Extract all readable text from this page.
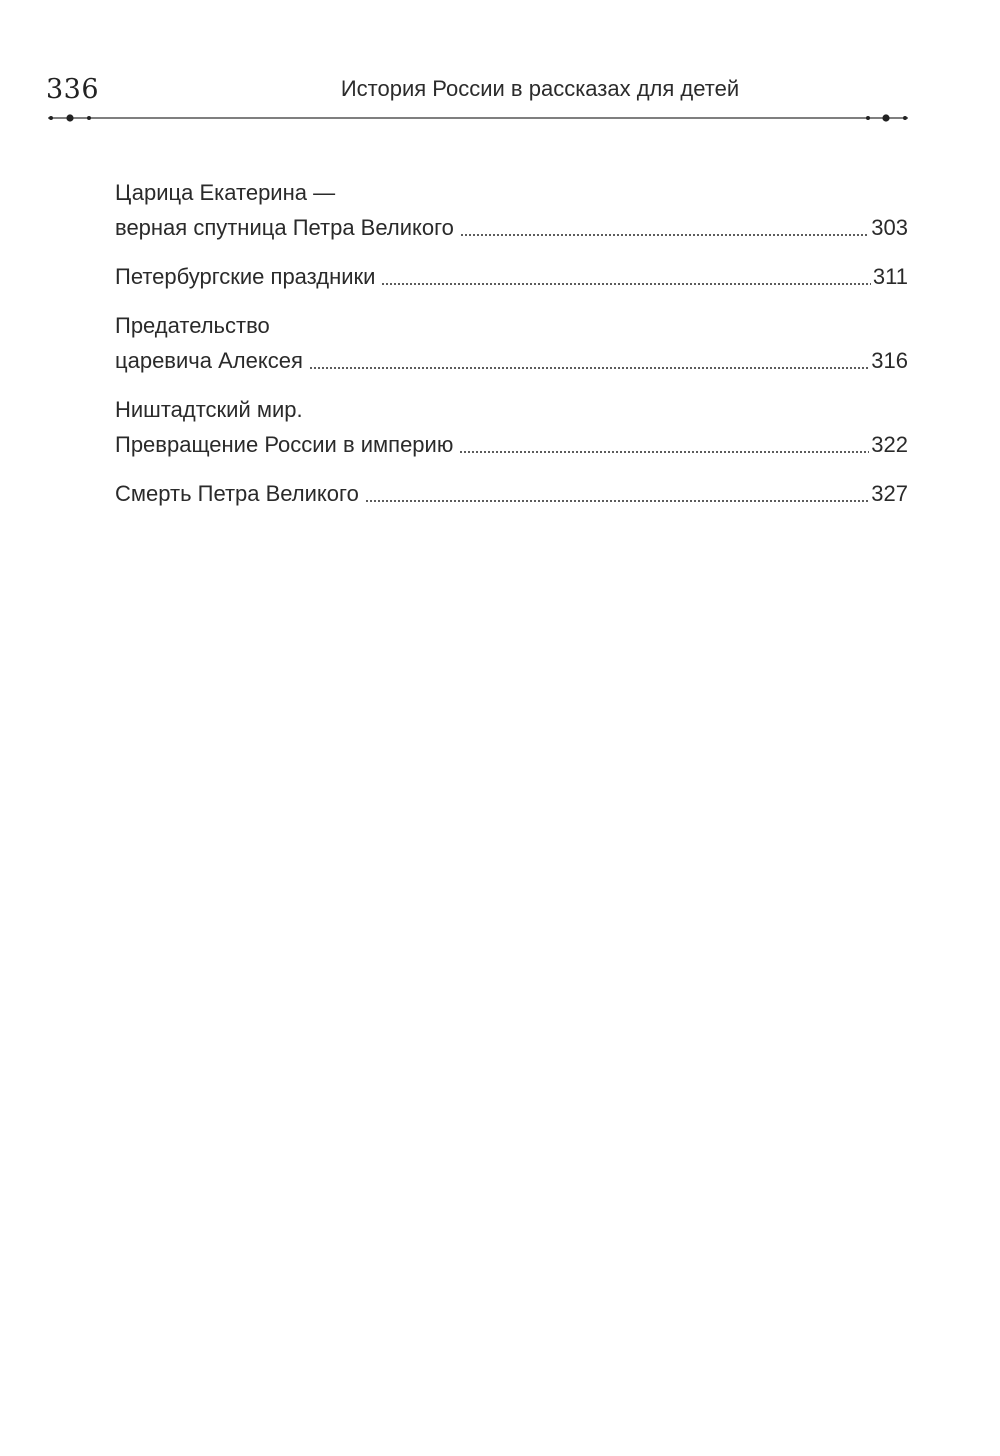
336	История России в рассказах для детей
Царица Екатерина —
верная спутница Петра Великого	303
Петербургские праздники	311
Предательство
царевича Алексея	316
Ништадтский мир.
Превращение России в империю	322
Смерть Петра Великого	327
